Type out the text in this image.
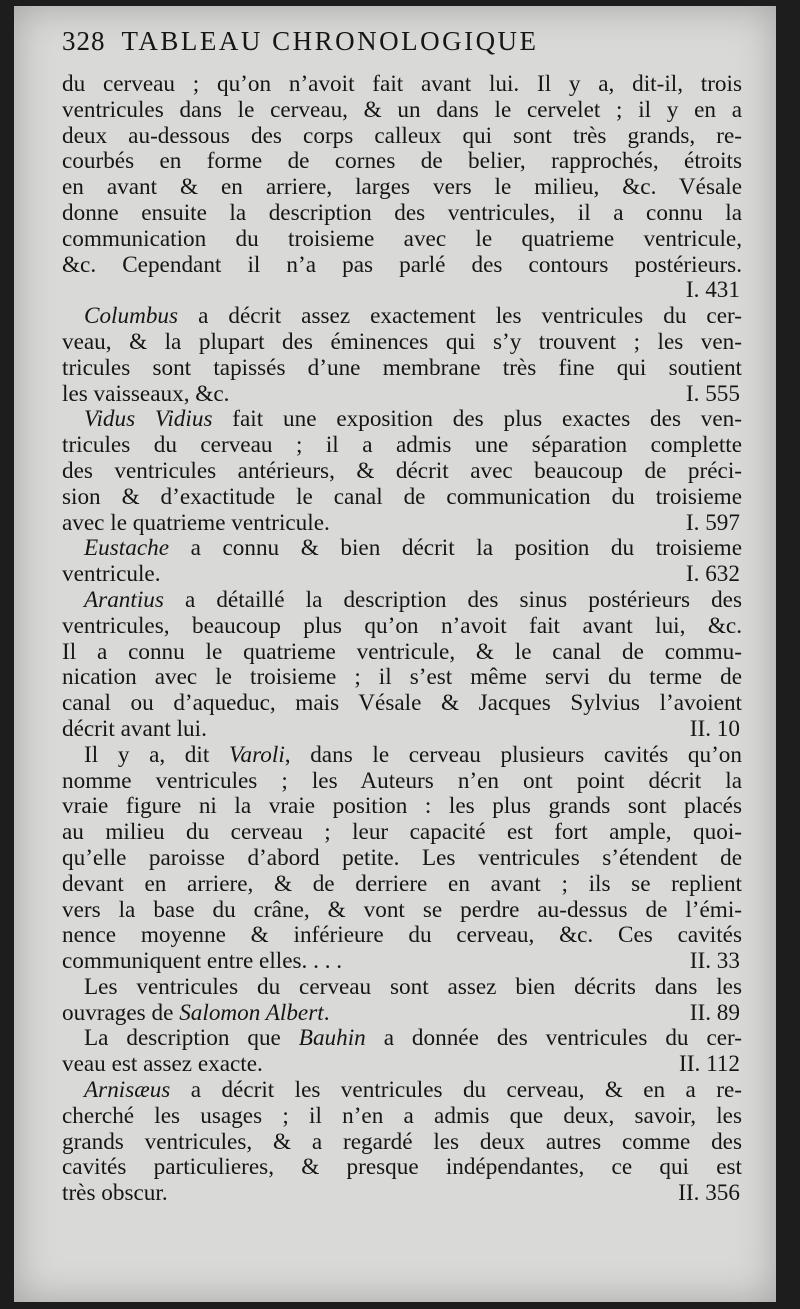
328 TABLEAU CHRONOLOGIQUE
du cerveau ; qu’on n’avoit fait avant lui. Il y a, dit-il, trois
ventricules dans le cerveau, & un dans le cervelet ; il y en a
deux au-dessous des corps calleux qui sont très grands, re-
courbés en forme de cornes de belier, rapprochés, étroits
en avant & en arriere, larges vers le milieu, &c. Vésale
donne ensuite la description des ventricules, il a connu la
communication du troisieme avec le quatrieme ventricule,
&c. Cependant il n’a pas parlé des contours postérieurs.
I. 431
Columbus a décrit assez exactement les ventricules du cer-
veau, & la plupart des éminences qui s’y trouvent ; les ven-
tricules sont tapissés d’une membrane très fine qui soutient
les vaisseaux, &c.	I. 555
Vidus Vidius fait une exposition des plus exactes des ven-
tricules du cerveau ; il a admis une séparation complette
des ventricules antérieurs, & décrit avec beaucoup de préci-
sion & d’exactitude le canal de communication du troisieme
avec le quatrieme ventricule.	I. 597
Eustache a connu & bien décrit la position du troisieme
ventricule.	I. 632
Arantius a détaillé la description des sinus postérieurs des
ventricules, beaucoup plus qu’on n’avoit fait avant lui, &c.
Il a connu le quatrieme ventricule, & le canal de commu-
nication avec le troisieme ; il s’est même servi du terme de
canal ou d’aqueduc, mais Vésale & Jacques Sylvius l’avoient
décrit avant lui.	II. 10
Il y a, dit Varoli, dans le cerveau plusieurs cavités qu’on
nomme ventricules ; les Auteurs n’en ont point décrit la
vraie figure ni la vraie position : les plus grands sont placés
au milieu du cerveau ; leur capacité est fort ample, quoi-
qu’elle paroisse d’abord petite. Les ventricules s’étendent de
devant en arriere, & de derriere en avant ; ils se replient
vers la base du crâne, & vont se perdre au-dessus de l’émi-
nence moyenne & inférieure du cerveau, &c. Ces cavités
communiquent entre elles. . . .	II. 33
Les ventricules du cerveau sont assez bien décrits dans les
ouvrages de Salomon Albert.	II. 89
La description que Bauhin a donnée des ventricules du cer-
veau est assez exacte.	II. 112
Arnisæus a décrit les ventricules du cerveau, & en a re-
cherché les usages ; il n’en a admis que deux, savoir, les
grands ventricules, & a regardé les deux autres comme des
cavités particulieres, & presque indépendantes, ce qui est
très obscur.	II. 356
